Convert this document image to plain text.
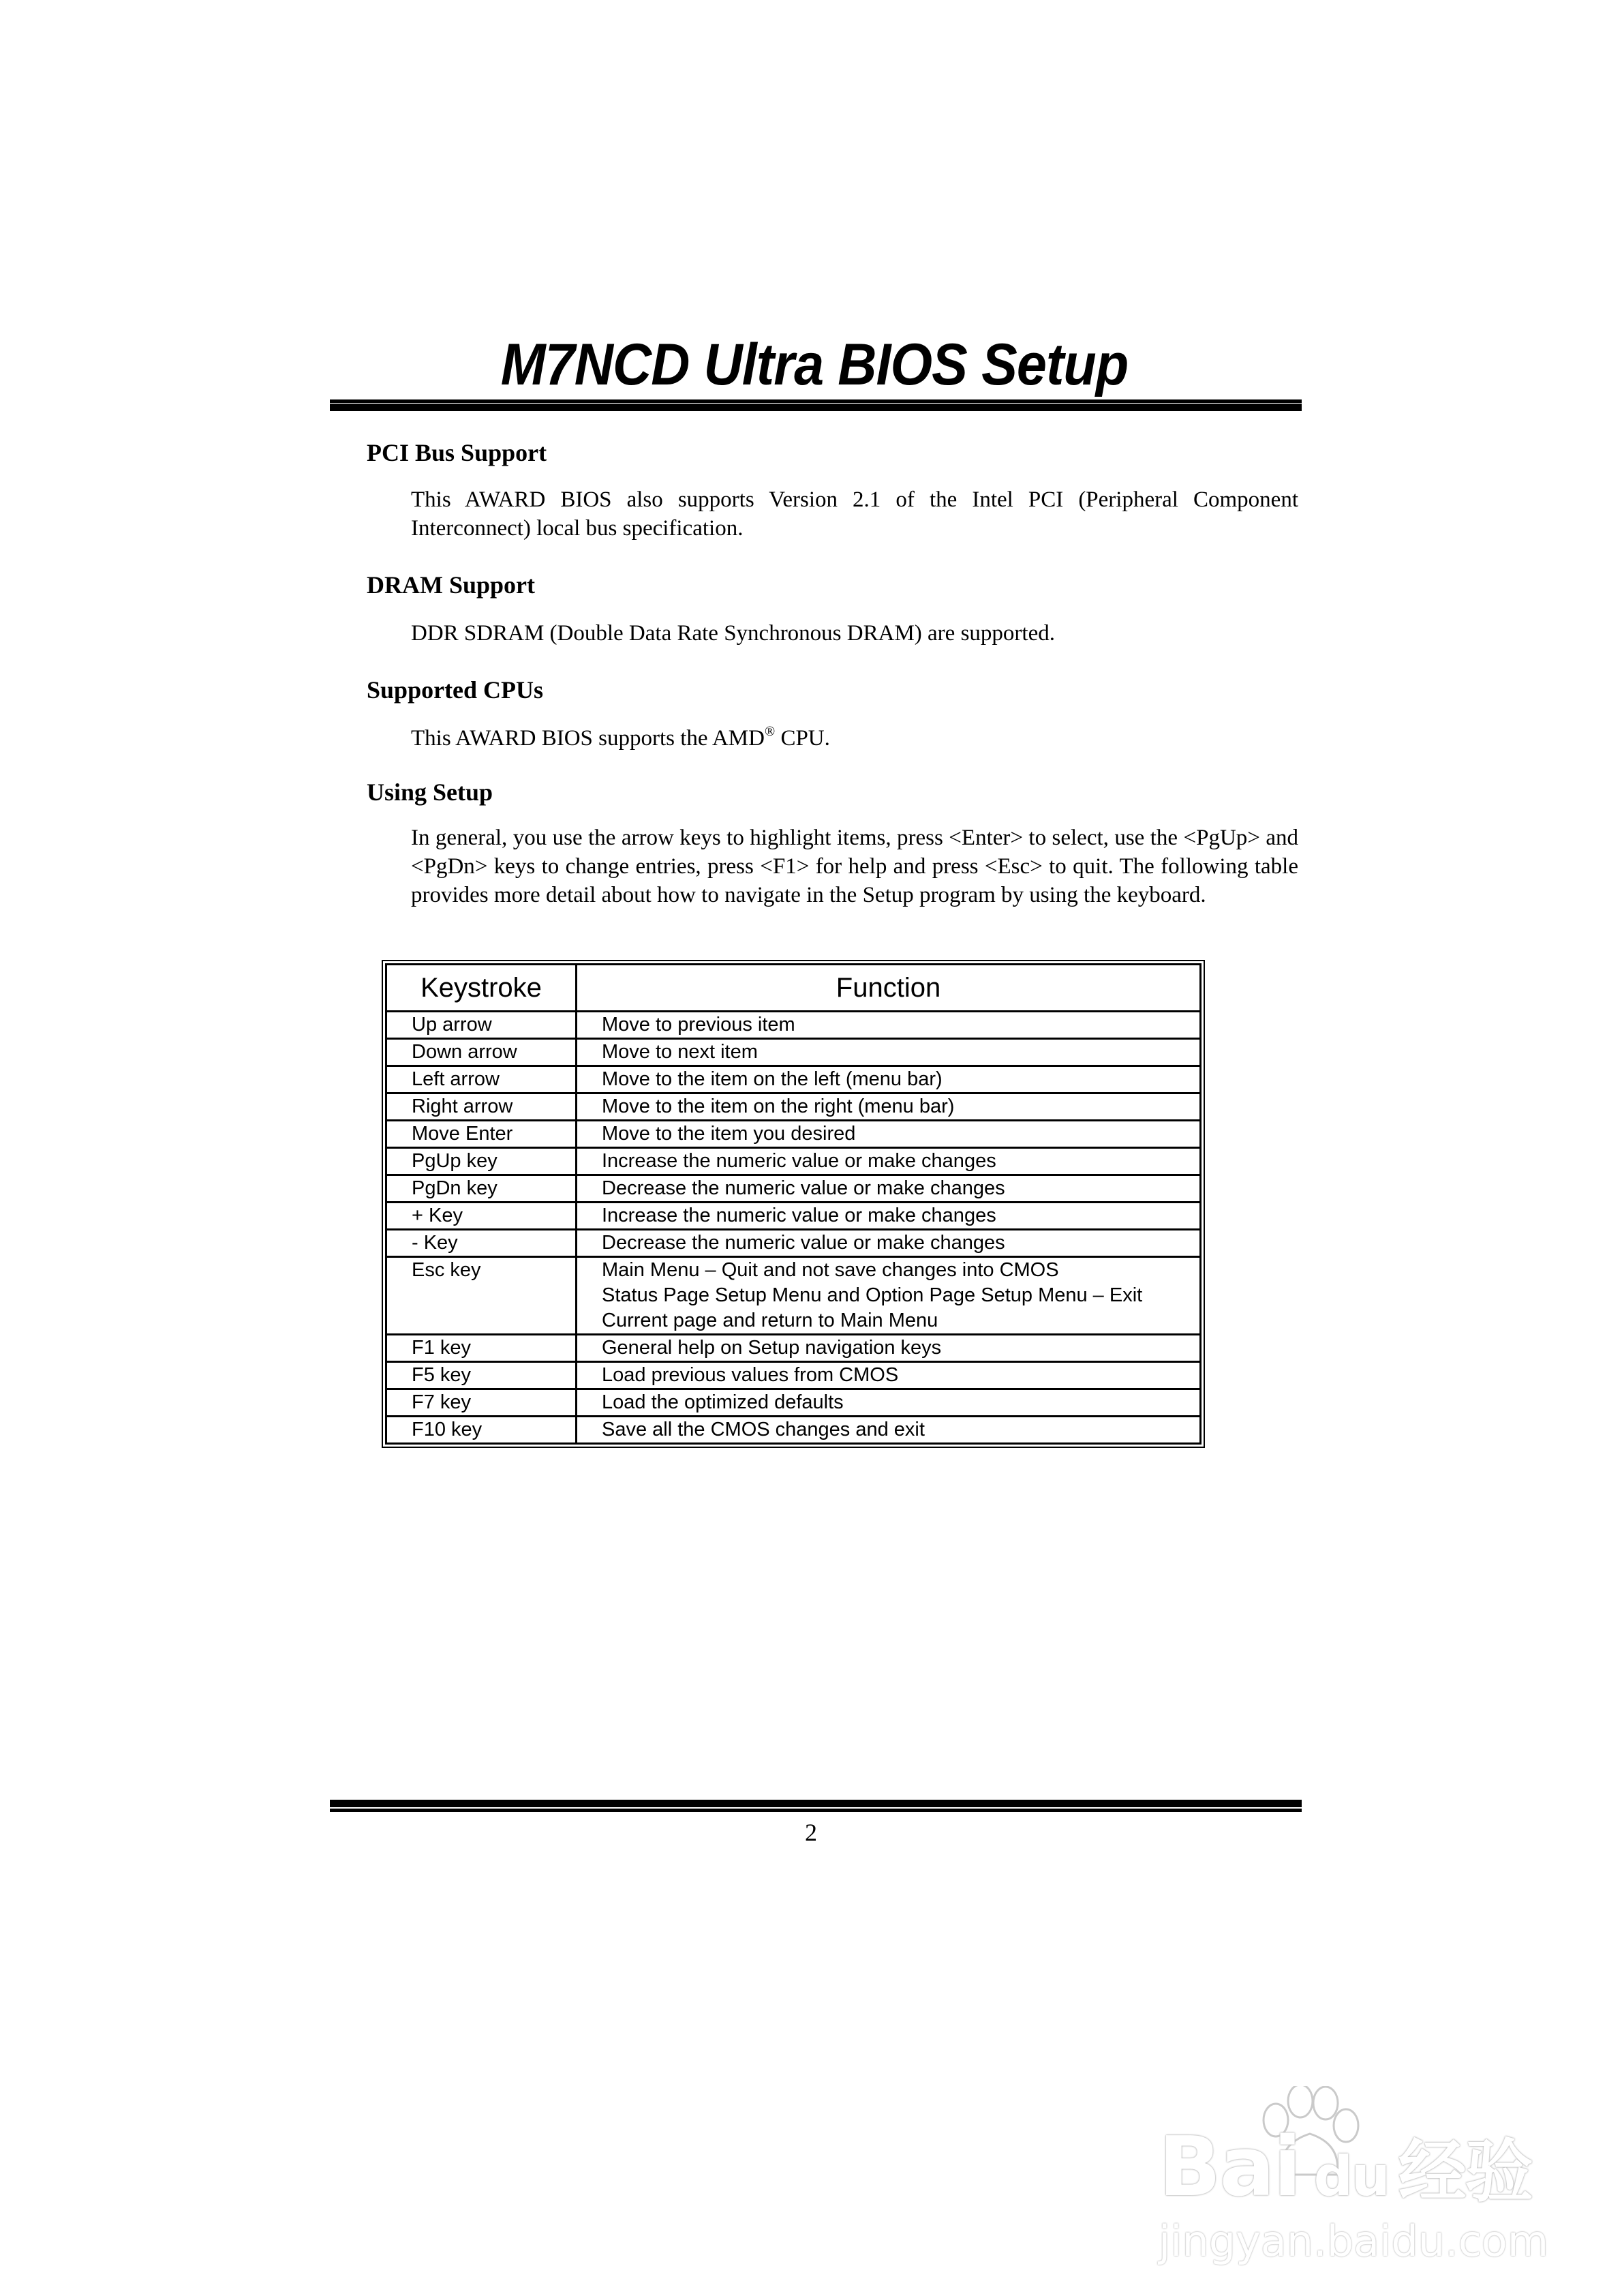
M7NCD Ultra BIOS Setup
PCI Bus Support
This AWARD BIOS also supports Version 2.1 of the Intel PCI (Peripheral Component Interconnect) local bus specification.
DRAM Support
DDR SDRAM (Double Data Rate Synchronous DRAM) are supported.
Supported CPUs
This AWARD BIOS supports the AMD® CPU.
Using Setup
In general, you use the arrow keys to highlight items, press <Enter> to select, use the <PgUp> and <PgDn> keys to change entries, press <F1> for help and press <Esc> to quit. The following table provides more detail about how to navigate in the Setup program by using the keyboard.
Keystroke	Function
Up arrow	Move to previous item
Down arrow	Move to next item
Left arrow	Move to the item on the left (menu bar)
Right arrow	Move to the item on the right (menu bar)
Move Enter	Move to the item you desired
PgUp key	Increase the numeric value or make changes
PgDn key	Decrease the numeric value or make changes
+ Key	Increase the numeric value or make changes
- Key	Decrease the numeric value or make changes
Esc key	Main Menu – Quit and not save changes into CMOS
Status Page Setup Menu and Option Page Setup Menu – Exit
Current page and return to Main Menu

F1 key	General help on Setup navigation keys
F5 key	Load previous values from CMOS
F7 key	Load the optimized defaults
F10 key	Save all the CMOS changes and exit
2
Bai du 经验
jingyan.baidu.com
